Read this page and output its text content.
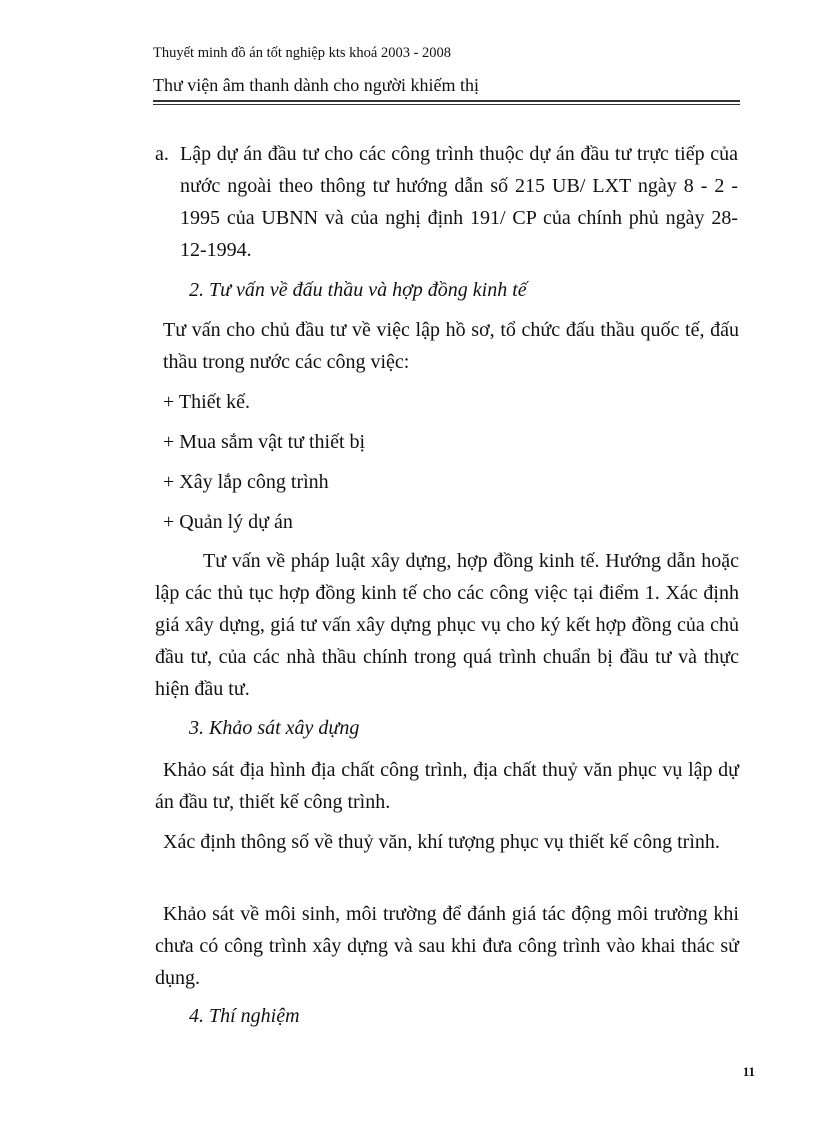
Thuyết minh đồ án tốt nghiệp kts khoá 2003 - 2008
Thư viện âm thanh dành cho người khiếm thị
a. Lập dự án đầu tư cho các công trình thuộc dự án đầu tư trực tiếp của nước ngoài theo thông tư hướng dẫn số 215 UB/ LXT ngày 8 - 2 - 1995 của UBNN và của nghị định 191/ CP của chính phủ ngày 28-12-1994.
2. Tư vấn về đấu thầu và hợp đồng kinh tế
Tư vấn cho chủ đầu tư về việc lập hồ sơ, tổ chức đấu thầu quốc tế, đấu thầu trong nước các công việc:
+ Thiết kế.
+ Mua sắm vật tư thiết bị
+ Xây lắp công trình
+ Quản lý dự án
Tư vấn về pháp luật xây dựng, hợp đồng kinh tế. Hướng dẫn hoặc lập các thủ tục hợp đồng kinh tế cho các công việc tại điểm 1. Xác định giá xây dựng, giá tư vấn xây dựng phục vụ cho ký kết hợp đồng của chủ đầu tư, của các nhà thầu chính trong quá trình chuẩn bị đầu tư và thực hiện đầu tư.
3. Khảo sát xây dựng
Khảo sát địa hình địa chất công trình, địa chất thuỷ văn phục vụ lập dự án đầu tư, thiết kế công trình.
Xác định thông số về thuỷ văn, khí tượng phục vụ thiết kế công trình.
Khảo sát về môi sinh, môi trường để đánh giá tác động môi trường khi chưa có công trình xây dựng và sau khi đưa công trình vào khai thác sử dụng.
4. Thí nghiệm
11
